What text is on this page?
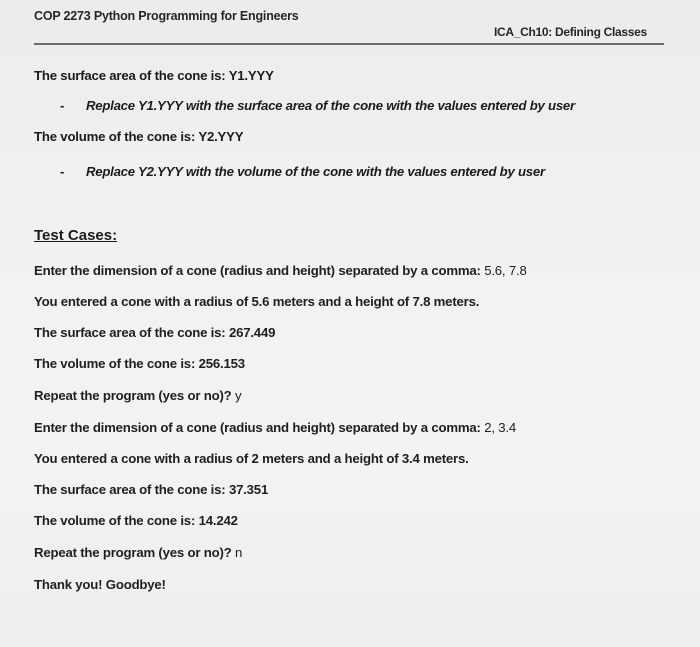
COP 2273 Python Programming for Engineers
ICA_Ch10: Defining Classes
The surface area of the cone is: Y1.YYY
- Replace Y1.YYY with the surface area of the cone with the values entered by user
The volume of the cone is: Y2.YYY
- Replace Y2.YYY with the volume of the cone with the values entered by user
Test Cases:
Enter the dimension of a cone (radius and height) separated by a comma: 5.6, 7.8
You entered a cone with a radius of 5.6 meters and a height of 7.8 meters.
The surface area of the cone is: 267.449
The volume of the cone is: 256.153
Repeat the program (yes or no)? y
Enter the dimension of a cone (radius and height) separated by a comma: 2, 3.4
You entered a cone with a radius of 2 meters and a height of 3.4 meters.
The surface area of the cone is: 37.351
The volume of the cone is: 14.242
Repeat the program (yes or no)? n
Thank you! Goodbye!
